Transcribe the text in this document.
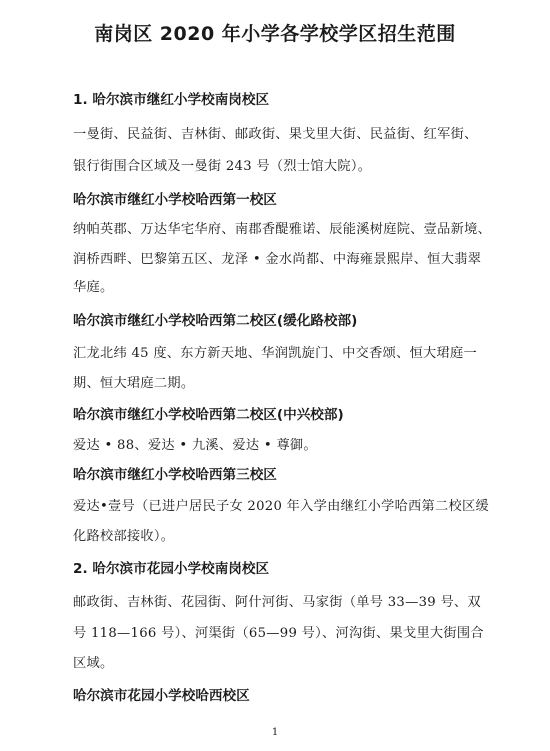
南岗区 2020 年小学各学校学区招生范围
1. 哈尔滨市继红小学校南岗校区
一曼街、民益街、吉林街、邮政街、果戈里大街、民益街、红军街、
银行街围合区域及一曼街 243 号（烈士馆大院）。
哈尔滨市继红小学校哈西第一校区
纳帕英郡、万达华宅华府、南郡香醍雅诺、辰能溪树庭院、壹品新境、
润桥西畔、巴黎第五区、龙泽 • 金水尚都、中海雍景熙岸、恒大翡翠
华庭。
哈尔滨市继红小学校哈西第二校区(缓化路校部)
汇龙北纬 45 度、东方新天地、华润凯旋门、中交香颂、恒大珺庭一
期、恒大珺庭二期。
哈尔滨市继红小学校哈西第二校区(中兴校部)
爱达 • 88、爱达 • 九溪、爱达 • 尊御。
哈尔滨市继红小学校哈西第三校区
爱达•壹号（已进户居民子女 2020 年入学由继红小学哈西第二校区缓
化路校部接收）。
2. 哈尔滨市花园小学校南岗校区
邮政街、吉林街、花园街、阿什河街、马家街（单号 33—39 号、双
号 118—166 号）、河渠街（65—99 号）、河沟街、果戈里大街围合
区域。
哈尔滨市花园小学校哈西校区
1
